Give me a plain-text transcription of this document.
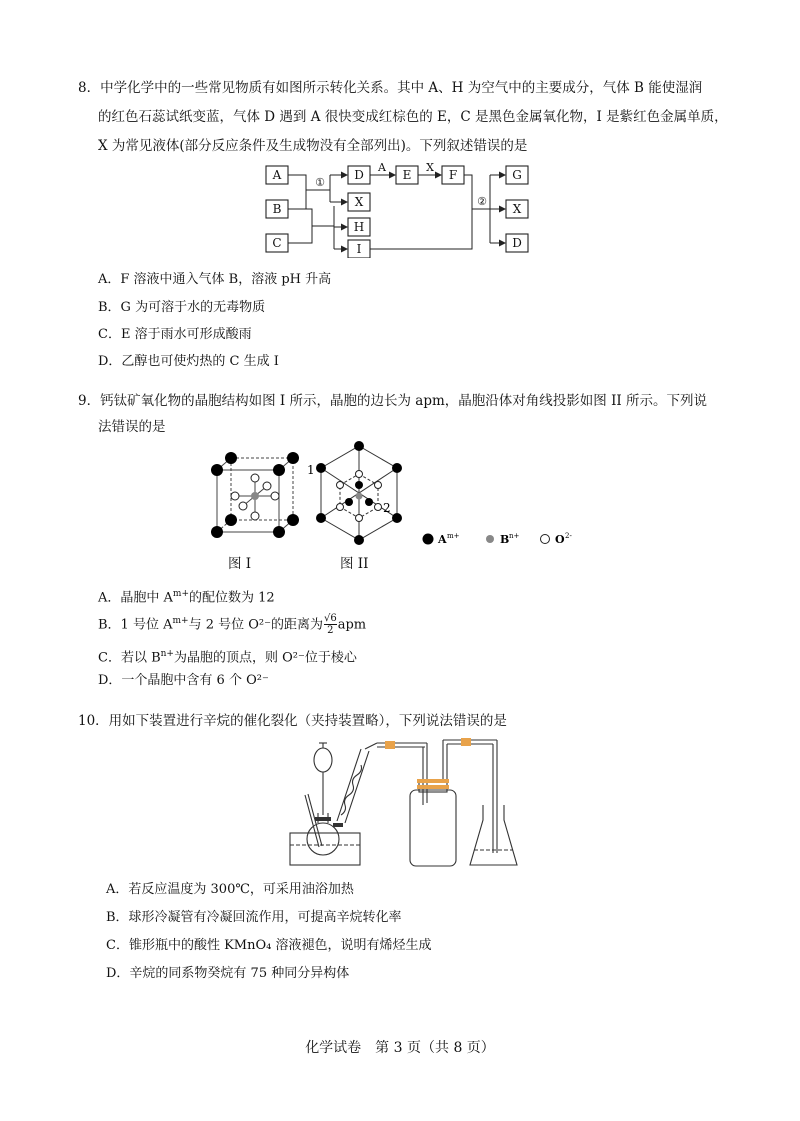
8．中学化学中的一些常见物质有如图所示转化关系。其中 A、H 为空气中的主要成分，气体 B 能使湿润
的红色石蕊试纸变蓝，气体 D 遇到 A 很快变成红棕色的 E，C 是黑色金属氧化物，I 是紫红色金属单质，
X 为常见液体(部分反应条件及生成物没有全部列出)。下列叙述错误的是
A
B
C
D
X
H
I
E	F	G
X
D
①
A	X
②
A．F 溶液中通入气体 B，溶液 pH 升高
B．G 为可溶于水的无毒物质
C．E 溶于雨水可形成酸雨
D．乙醇也可使灼热的 C 生成 I
9．钙钛矿氧化物的晶胞结构如图 I 所示，晶胞的边长为 apm，晶胞沿体对角线投影如图 II 所示。下列说
法错误的是
1
2
A m+	B n+	O 2-
图 I	图 II
A．晶胞中 $A^{m+}$的配位数为 12
B．1 号位 $A^{m+}$与 2 号位 O²⁻的距离为 $\frac{√6}{2}$ apm
C．若以 $B^{n+}$为晶胞的顶点，则 O²⁻位于棱心
D．一个晶胞中含有 6 个 O²⁻
10．用如下装置进行辛烷的催化裂化（夹持装置略），下列说法错误的是
A．若反应温度为 300℃，可采用油浴加热
B．球形冷凝管有冷凝回流作用，可提高辛烷转化率
C．锥形瓶中的酸性 KMnO₄ 溶液褪色，说明有烯烃生成
D．辛烷的同系物癸烷有 75 种同分异构体
化学试卷　第 3 页（共 8 页）
